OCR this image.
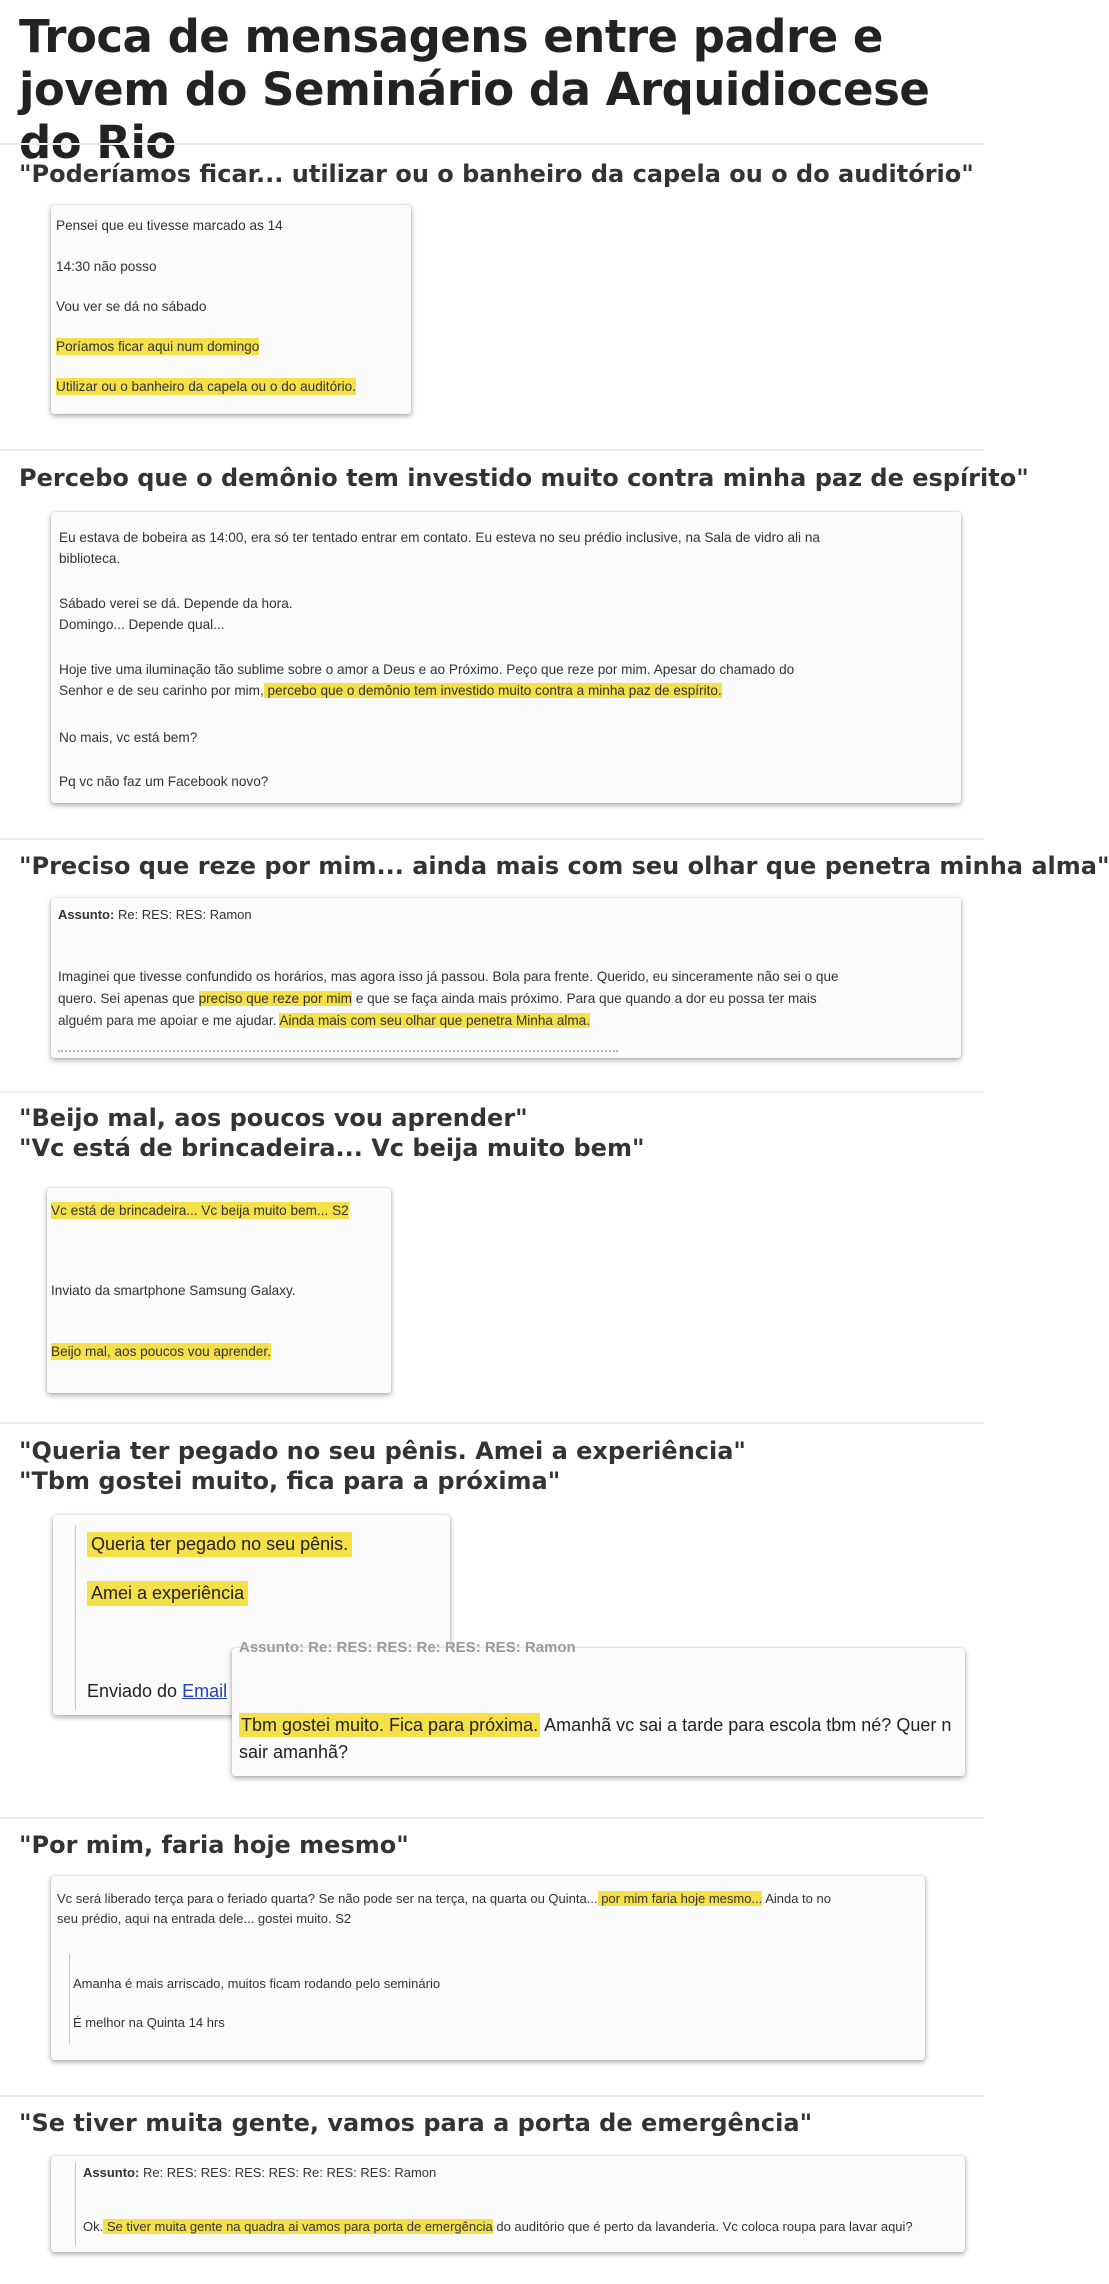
Troca de mensagens entre padre e jovem do Seminário da Arquidiocese do Rio
"Poderíamos ficar... utilizar ou o banheiro da capela ou o do auditório"
Pensei que eu tivesse marcado as 14
14:30 não posso
Vou ver se dá no sábado
Poríamos ficar aqui num domingo
Utilizar ou o banheiro da capela ou o do auditório.
Percebo que o demônio tem investido muito contra minha paz de espírito"
Eu estava de bobeira as 14:00, era só ter tentado entrar em contato. Eu esteva no seu prédio inclusive, na Sala de vidro ali na
biblioteca.
Sábado verei se dá. Depende da hora.
Domingo... Depende qual...
Hoje tive uma iluminação tão sublime sobre o amor a Deus e ao Próximo. Peço que reze por mim. Apesar do chamado do
Senhor e de seu carinho por mim, percebo que o demônio tem investido muito contra a minha paz de espírito.
No mais, vc está bem?
Pq vc não faz um Facebook novo?
"Preciso que reze por mim... ainda mais com seu olhar que penetra minha alma"
Assunto: Re: RES: RES: Ramon
Imaginei que tivesse confundido os horários, mas agora isso já passou. Bola para frente. Querido, eu sinceramente não sei o que
quero. Sei apenas que preciso que reze por mim e que se faça ainda mais próximo. Para que quando a dor eu possa ter mais
alguém para me apoiar e me ajudar. Ainda mais com seu olhar que penetra Minha alma.
"Beijo mal, aos poucos vou aprender"
"Vc está de brincadeira... Vc beija muito bem"
Vc está de brincadeira... Vc beija muito bem... S2
Inviato da smartphone Samsung Galaxy.
Beijo mal, aos poucos vou aprender.
"Queria ter pegado no seu pênis. Amei a experiência"
"Tbm gostei muito, fica para a próxima"
Queria ter pegado no seu pênis.
Amei a experiência
Enviado do Email
Assunto: Re: RES: RES: Re: RES: RES: Ramon
Tbm gostei muito. Fica para próxima. Amanhã vc sai a tarde para escola tbm né? Quer n
sair amanhã?
"Por mim, faria hoje mesmo"
Vc será liberado terça para o feriado quarta? Se não pode ser na terça, na quarta ou Quinta... por mim faria hoje mesmo... Ainda to no
seu prédio, aqui na entrada dele... gostei muito. S2
Amanha é mais arriscado, muitos ficam rodando pelo seminário
É melhor na Quinta 14 hrs
"Se tiver muita gente, vamos para a porta de emergência"
Assunto: Re: RES: RES: RES: RES: Re: RES: RES: Ramon
Ok. Se tiver muita gente na quadra ai vamos para porta de emergência do auditório que é perto da lavanderia. Vc coloca roupa para lavar aqui?
